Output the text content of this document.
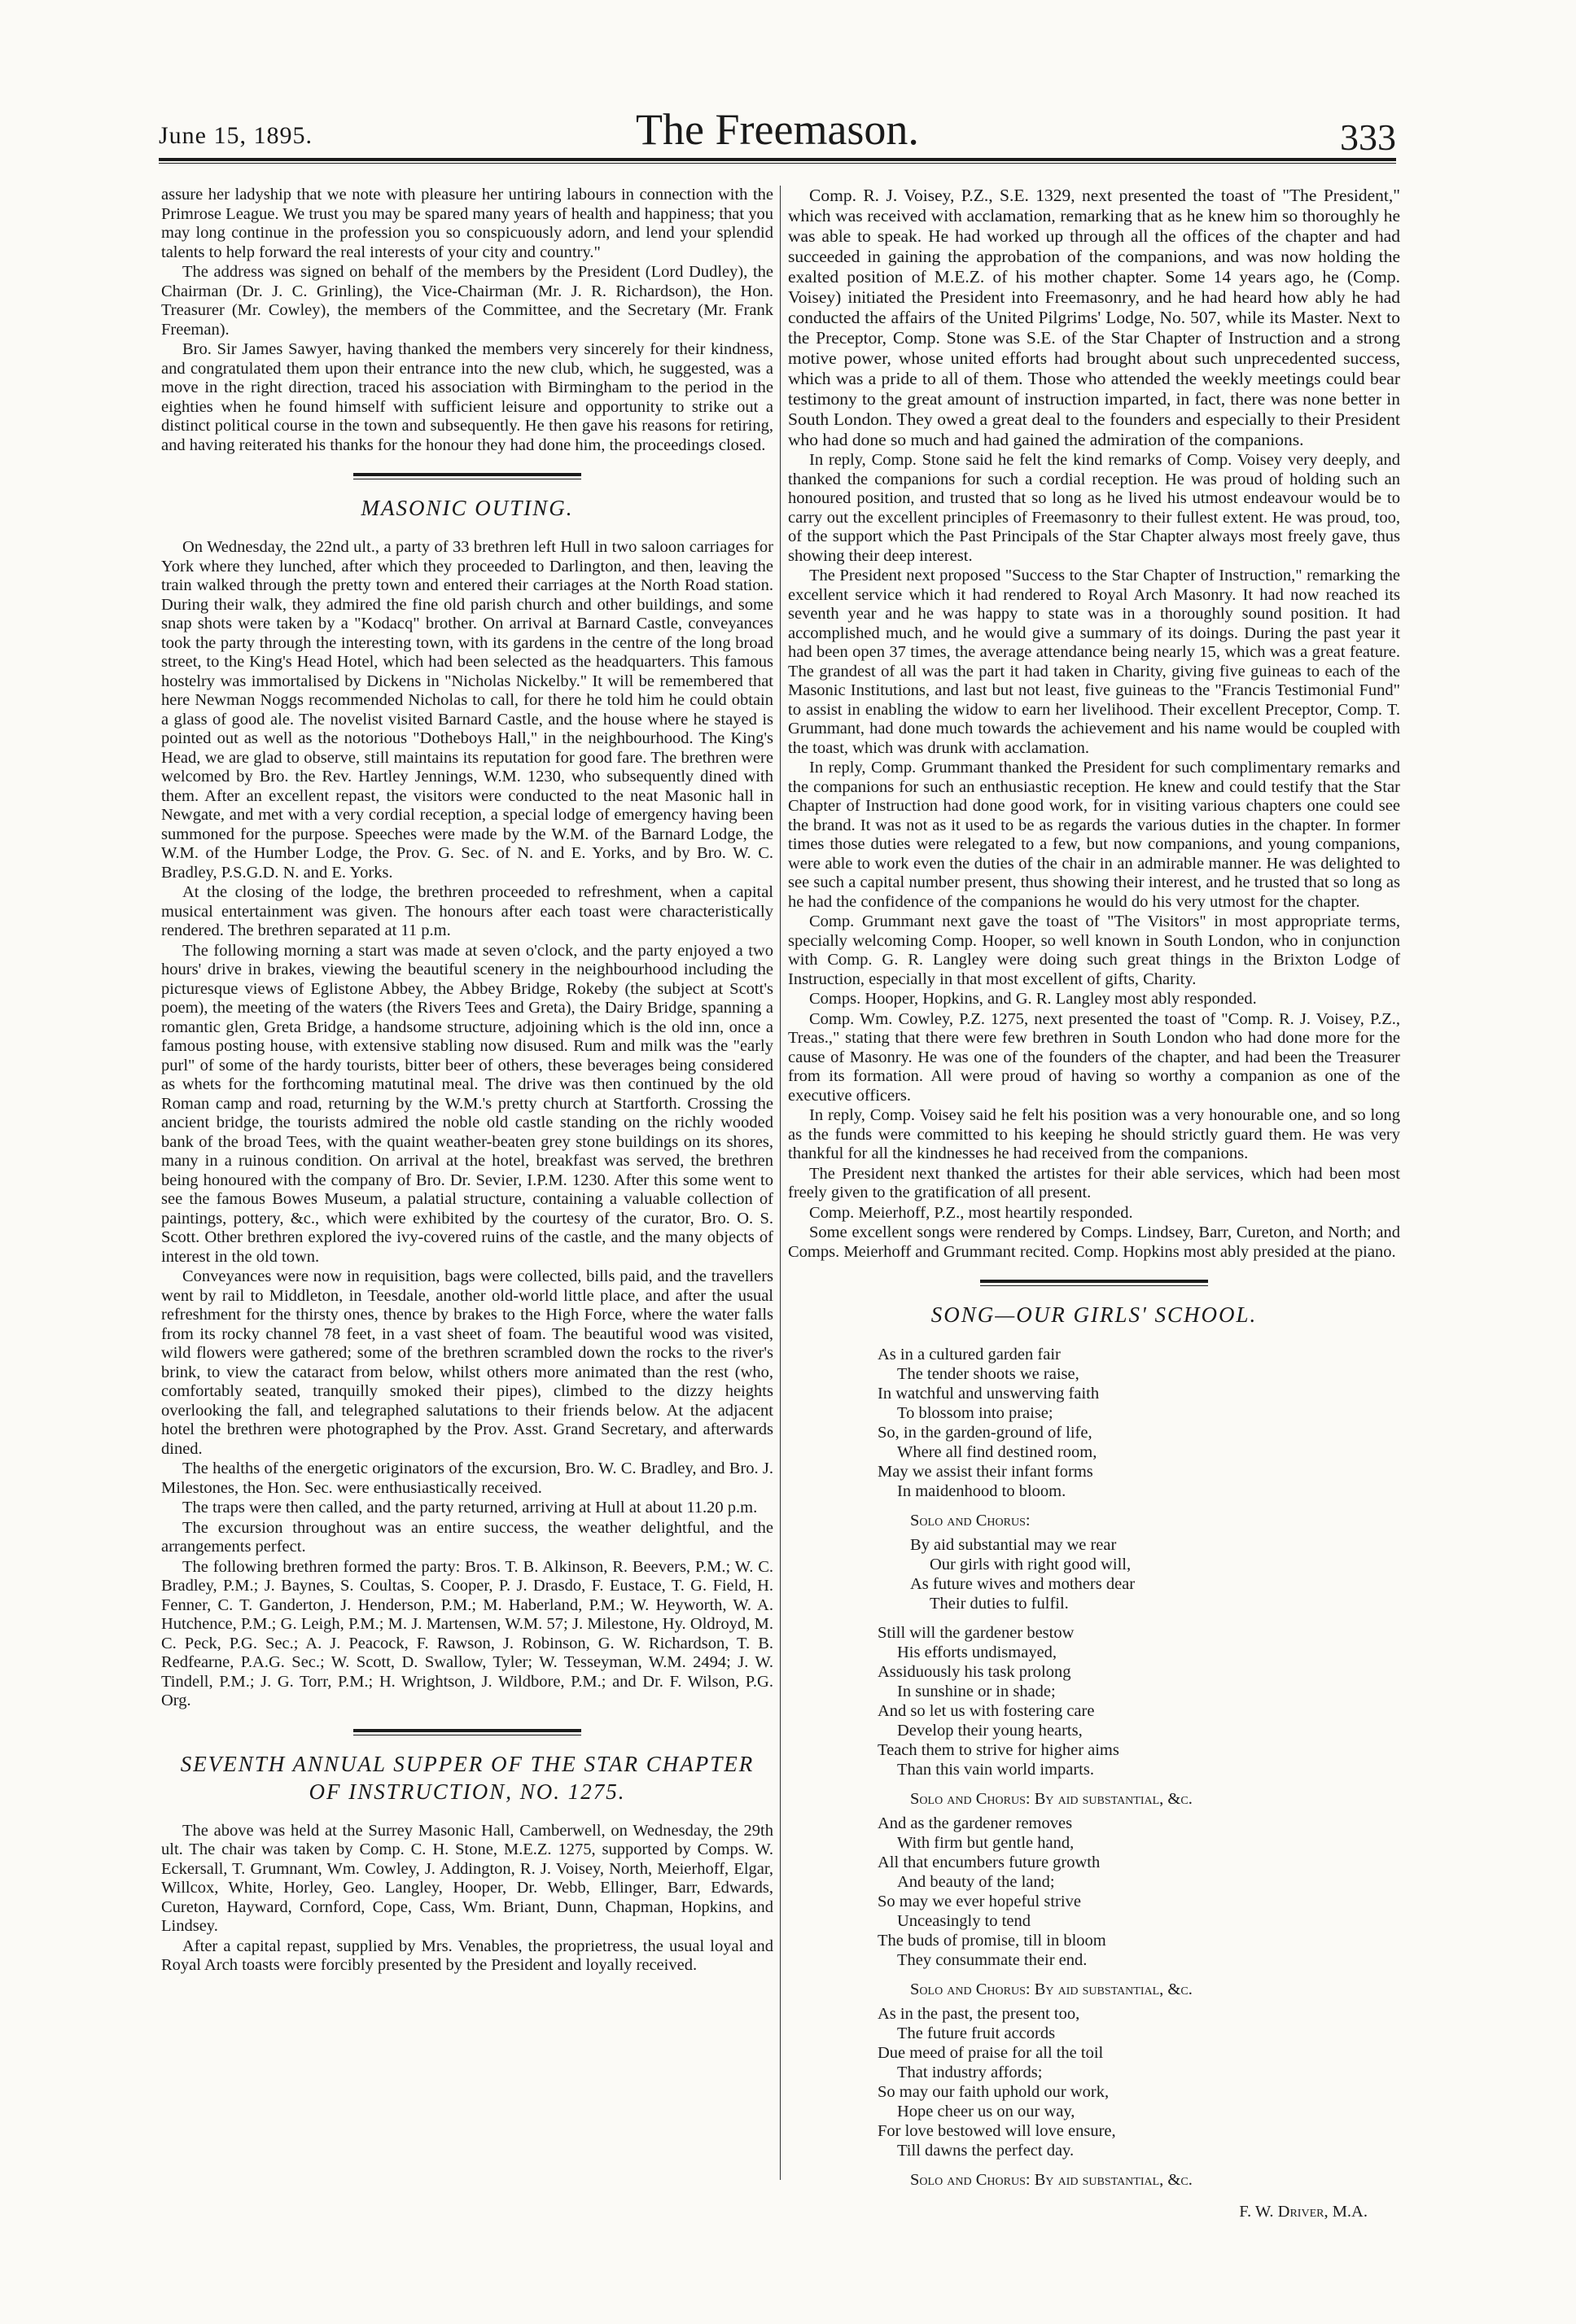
June 15, 1895.	The Freemason.	333

assure her ladyship that we note with pleasure her untiring labours in connection with the Primrose League. We trust you may be spared many years of health and happiness; that you may long continue in the profession you so conspicuously adorn, and lend your splendid talents to help forward the real interests of your city and country."

The address was signed on behalf of the members by the President (Lord Dudley), the Chairman (Dr. J. C. Grinling), the Vice-Chairman (Mr. J. R. Richardson), the Hon. Treasurer (Mr. Cowley), the members of the Committee, and the Secretary (Mr. Frank Freeman).

Bro. Sir James Sawyer, having thanked the members very sincerely for their kindness, and congratulated them upon their entrance into the new club, which, he suggested, was a move in the right direction, traced his association with Birmingham to the period in the eighties when he found himself with sufficient leisure and opportunity to strike out a distinct political course in the town and subsequently. He then gave his reasons for retiring, and having reiterated his thanks for the honour they had done him, the proceedings closed.

MASONIC OUTING.

On Wednesday, the 22nd ult., a party of 33 brethren left Hull in two saloon carriages for York where they lunched, after which they proceeded to Darlington, and then, leaving the train walked through the pretty town and entered their carriages at the North Road station. During their walk, they admired the fine old parish church and other buildings, and some snap shots were taken by a "Kodacq" brother. On arrival at Barnard Castle, conveyances took the party through the interesting town, with its gardens in the centre of the long broad street, to the King's Head Hotel, which had been selected as the headquarters. This famous hostelry was immortalised by Dickens in "Nicholas Nickelby." It will be remembered that here Newman Noggs recommended Nicholas to call, for there he told him he could obtain a glass of good ale. The novelist visited Barnard Castle, and the house where he stayed is pointed out as well as the notorious "Dotheboys Hall," in the neighbourhood. The King's Head, we are glad to observe, still maintains its reputation for good fare. The brethren were welcomed by Bro. the Rev. Hartley Jennings, W.M. 1230, who subsequently dined with them. After an excellent repast, the visitors were conducted to the neat Masonic hall in Newgate, and met with a very cordial reception, a special lodge of emergency having been summoned for the purpose. Speeches were made by the W.M. of the Barnard Lodge, the W.M. of the Humber Lodge, the Prov. G. Sec. of N. and E. Yorks, and by Bro. W. C. Bradley, P.S.G.D. N. and E. Yorks.

At the closing of the lodge, the brethren proceeded to refreshment, when a capital musical entertainment was given. The honours after each toast were characteristically rendered. The brethren separated at 11 p.m.

The following morning a start was made at seven o'clock, and the party enjoyed a two hours' drive in brakes, viewing the beautiful scenery in the neighbourhood including the picturesque views of Eglistone Abbey, the Abbey Bridge, Rokeby (the subject at Scott's poem), the meeting of the waters (the Rivers Tees and Greta), the Dairy Bridge, spanning a romantic glen, Greta Bridge, a handsome structure, adjoining which is the old inn, once a famous posting house, with extensive stabling now disused. Rum and milk was the "early purl" of some of the hardy tourists, bitter beer of others, these beverages being considered as whets for the forthcoming matutinal meal. The drive was then continued by the old Roman camp and road, returning by the W.M.'s pretty church at Startforth. Crossing the ancient bridge, the tourists admired the noble old castle standing on the richly wooded bank of the broad Tees, with the quaint weather-beaten grey stone buildings on its shores, many in a ruinous condition. On arrival at the hotel, breakfast was served, the brethren being honoured with the company of Bro. Dr. Sevier, I.P.M. 1230. After this some went to see the famous Bowes Museum, a palatial structure, containing a valuable collection of paintings, pottery, &c., which were exhibited by the courtesy of the curator, Bro. O. S. Scott. Other brethren explored the ivy-covered ruins of the castle, and the many objects of interest in the old town.

Conveyances were now in requisition, bags were collected, bills paid, and the travellers went by rail to Middleton, in Teesdale, another old-world little place, and after the usual refreshment for the thirsty ones, thence by brakes to the High Force, where the water falls from its rocky channel 78 feet, in a vast sheet of foam. The beautiful wood was visited, wild flowers were gathered; some of the brethren scrambled down the rocks to the river's brink, to view the cataract from below, whilst others more animated than the rest (who, comfortably seated, tranquilly smoked their pipes), climbed to the dizzy heights overlooking the fall, and telegraphed salutations to their friends below. At the adjacent hotel the brethren were photographed by the Prov. Asst. Grand Secretary, and afterwards dined.

The healths of the energetic originators of the excursion, Bro. W. C. Bradley, and Bro. J. Milestones, the Hon. Sec. were enthusiastically received.

The traps were then called, and the party returned, arriving at Hull at about 11.20 p.m.

The excursion throughout was an entire success, the weather delightful, and the arrangements perfect.

The following brethren formed the party: Bros. T. B. Alkinson, R. Beevers, P.M.; W. C. Bradley, P.M.; J. Baynes, S. Coultas, S. Cooper, P. J. Drasdo, F. Eustace, T. G. Field, H. Fenner, C. T. Ganderton, J. Henderson, P.M.; M. Haberland, P.M.; W. Heyworth, W. A. Hutchence, P.M.; G. Leigh, P.M.; M. J. Martensen, W.M. 57; J. Milestone, Hy. Oldroyd, M. C. Peck, P.G. Sec.; A. J. Peacock, F. Rawson, J. Robinson, G. W. Richardson, T. B. Redfearne, P.A.G. Sec.; W. Scott, D. Swallow, Tyler; W. Tesseyman, W.M. 2494; J. W. Tindell, P.M.; J. G. Torr, P.M.; H. Wrightson, J. Wildbore, P.M.; and Dr. F. Wilson, P.G. Org.

SEVENTH ANNUAL SUPPER OF THE STAR CHAPTER OF INSTRUCTION, NO. 1275.

The above was held at the Surrey Masonic Hall, Camberwell, on Wednesday, the 29th ult. The chair was taken by Comp. C. H. Stone, M.E.Z. 1275, supported by Comps. W. Eckersall, T. Grumnant, Wm. Cowley, J. Addington, R. J. Voisey, North, Meierhoff, Elgar, Willcox, White, Horley, Geo. Langley, Hooper, Dr. Webb, Ellinger, Barr, Edwards, Cureton, Hayward, Cornford, Cope, Cass, Wm. Briant, Dunn, Chapman, Hopkins, and Lindsey.

After a capital repast, supplied by Mrs. Venables, the proprietress, the usual loyal and Royal Arch toasts were forcibly presented by the President and loyally received.

Comp. R. J. Voisey, P.Z., S.E. 1329, next presented the toast of "The President," which was received with acclamation, remarking that as he knew him so thoroughly he was able to speak. He had worked up through all the offices of the chapter and had succeeded in gaining the approbation of the companions, and was now holding the exalted position of M.E.Z. of his mother chapter. Some 14 years ago, he (Comp. Voisey) initiated the President into Freemasonry, and he had heard how ably he had conducted the affairs of the United Pilgrims' Lodge, No. 507, while its Master. Next to the Preceptor, Comp. Stone was S.E. of the Star Chapter of Instruction and a strong motive power, whose united efforts had brought about such unprecedented success, which was a pride to all of them. Those who attended the weekly meetings could bear testimony to the great amount of instruction imparted, in fact, there was none better in South London. They owed a great deal to the founders and especially to their President who had done so much and had gained the admiration of the companions.

In reply, Comp. Stone said he felt the kind remarks of Comp. Voisey very deeply, and thanked the companions for such a cordial reception. He was proud of holding such an honoured position, and trusted that so long as he lived his utmost endeavour would be to carry out the excellent principles of Freemasonry to their fullest extent. He was proud, too, of the support which the Past Principals of the Star Chapter always most freely gave, thus showing their deep interest.

The President next proposed "Success to the Star Chapter of Instruction," remarking the excellent service which it had rendered to Royal Arch Masonry. It had now reached its seventh year and he was happy to state was in a thoroughly sound position. It had accomplished much, and he would give a summary of its doings. During the past year it had been open 37 times, the average attendance being nearly 15, which was a great feature. The grandest of all was the part it had taken in Charity, giving five guineas to each of the Masonic Institutions, and last but not least, five guineas to the "Francis Testimonial Fund" to assist in enabling the widow to earn her livelihood. Their excellent Preceptor, Comp. T. Grummant, had done much towards the achievement and his name would be coupled with the toast, which was drunk with acclamation.

In reply, Comp. Grummant thanked the President for such complimentary remarks and the companions for such an enthusiastic reception. He knew and could testify that the Star Chapter of Instruction had done good work, for in visiting various chapters one could see the brand. It was not as it used to be as regards the various duties in the chapter. In former times those duties were relegated to a few, but now companions, and young companions, were able to work even the duties of the chair in an admirable manner. He was delighted to see such a capital number present, thus showing their interest, and he trusted that so long as he had the confidence of the companions he would do his very utmost for the chapter.

Comp. Grummant next gave the toast of "The Visitors" in most appropriate terms, specially welcoming Comp. Hooper, so well known in South London, who in conjunction with Comp. G. R. Langley were doing such great things in the Brixton Lodge of Instruction, especially in that most excellent of gifts, Charity.

Comps. Hooper, Hopkins, and G. R. Langley most ably responded.

Comp. Wm. Cowley, P.Z. 1275, next presented the toast of "Comp. R. J. Voisey, P.Z., Treas.," stating that there were few brethren in South London who had done more for the cause of Masonry. He was one of the founders of the chapter, and had been the Treasurer from its formation. All were proud of having so worthy a companion as one of the executive officers.

In reply, Comp. Voisey said he felt his position was a very honourable one, and so long as the funds were committed to his keeping he should strictly guard them. He was very thankful for all the kindnesses he had received from the companions.

The President next thanked the artistes for their able services, which had been most freely given to the gratification of all present.

Comp. Meierhoff, P.Z., most heartily responded.

Some excellent songs were rendered by Comps. Lindsey, Barr, Cureton, and North; and Comps. Meierhoff and Grummant recited. Comp. Hopkins most ably presided at the piano.

SONG—OUR GIRLS' SCHOOL.
As in a cultured garden fair
The tender shoots we raise,
In watchful and unswerving faith
To blossom into praise;
So, in the garden-ground of life,
Where all find destined room,
May we assist their infant forms
In maidenhood to bloom.
Solo and Chorus:
By aid substantial may we rear
Our girls with right good will,
As future wives and mothers dear
Their duties to fulfil.
Still will the gardener bestow
His efforts undismayed,
Assiduously his task prolong
In sunshine or in shade;
And so let us with fostering care
Develop their young hearts,
Teach them to strive for higher aims
Than this vain world imparts.
Solo and Chorus: By aid substantial, &c.
And as the gardener removes
With firm but gentle hand,
All that encumbers future growth
And beauty of the land;
So may we ever hopeful strive
Unceasingly to tend
The buds of promise, till in bloom
They consummate their end.
Solo and Chorus: By aid substantial, &c.
As in the past, the present too,
The future fruit accords
Due meed of praise for all the toil
That industry affords;
So may our faith uphold our work,
Hope cheer us on our way,
For love bestowed will love ensure,
Till dawns the perfect day.
Solo and Chorus: By aid substantial, &c.
F. W. Driver, M.A.
